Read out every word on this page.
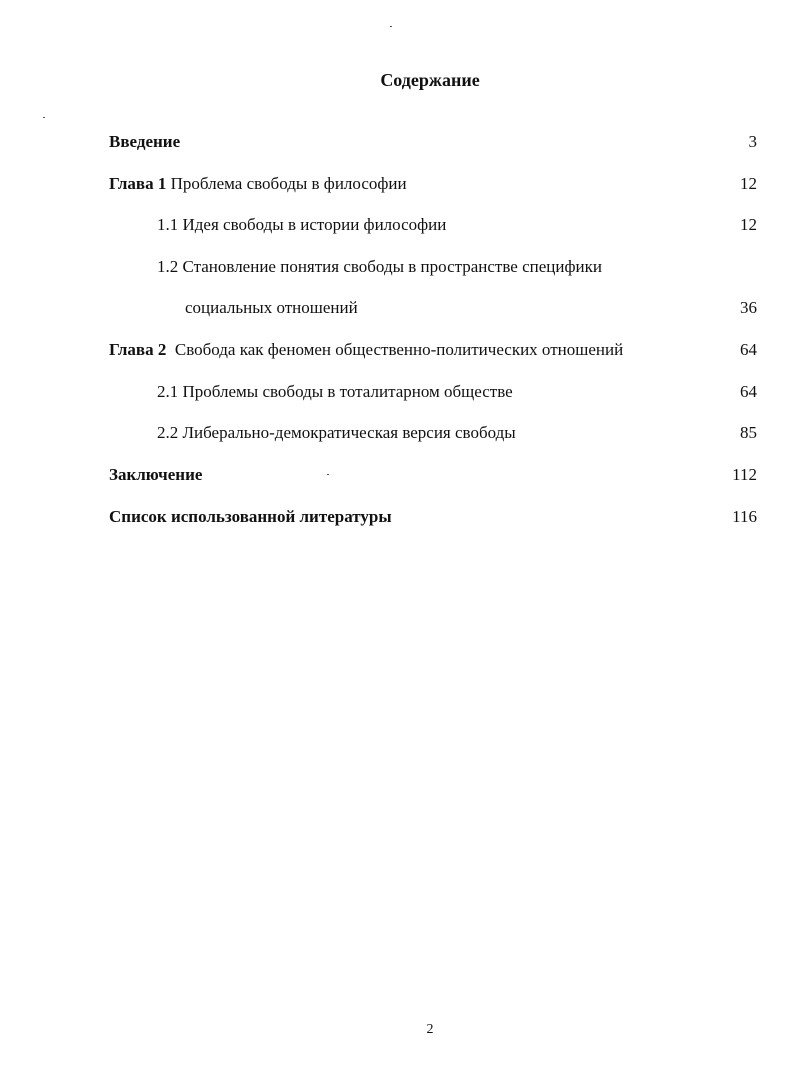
Содержание
Введение	3
Глава 1 Проблема свободы в философии	12
1.1 Идея свободы в истории философии	12
1.2 Становление понятия свободы в пространстве специфики
социальных отношений	36
Глава 2  Свобода как феномен общественно-политических отношений	64
2.1 Проблемы свободы в тоталитарном обществе	64
2.2 Либерально-демократическая версия свободы	85
Заключение	112
Список использованной литературы	116
2
